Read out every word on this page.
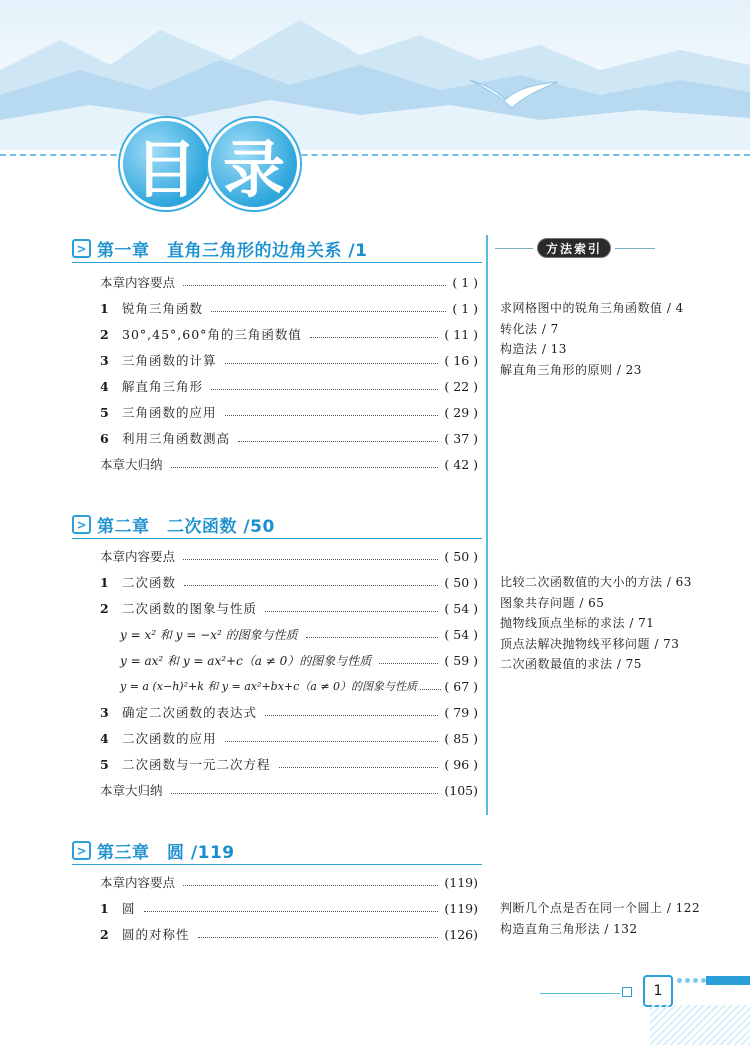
目 录
> 第一章　直角三角形的边角关系 /1
本章内容要点	( 1 )
1	锐角三角函数	( 1 )
2	30°,45°,60°角的三角函数值	( 11 )
3	三角函数的计算	( 16 )
4	解直角三角形	( 22 )
5	三角函数的应用	( 29 )
6	利用三角函数测高	( 37 )
本章大归纳	( 42 )
> 第二章　二次函数 /50
本章内容要点	( 50 )
1	二次函数	( 50 )
2	二次函数的图象与性质	( 54 )
y = x² 和 y = −x² 的图象与性质	( 54 )
y = ax² 和 y = ax²+c（a ≠ 0）的图象与性质	( 59 )
y = a (x−h)²+k 和 y = ax²+bx+c（a ≠ 0）的图象与性质 ( 67 )
3	确定二次函数的表达式	( 79 )
4	二次函数的应用	( 85 )
5	二次函数与一元二次方程	( 96 )
本章大归纳	(105)
> 第三章　圆 /119
本章内容要点	(119)
1	圆	(119)
2	圆的对称性	(126)
方法索引
求网格图中的锐角三角函数值 / 4
转化法 / 7
构造法 / 13
解直角三角形的原则 / 23
比较二次函数值的大小的方法 / 63
图象共存问题 / 65
抛物线顶点坐标的求法 / 71
顶点法解决抛物线平移问题 / 73
二次函数最值的求法 / 75
判断几个点是否在同一个圆上 / 122
构造直角三角形法 / 132
1
